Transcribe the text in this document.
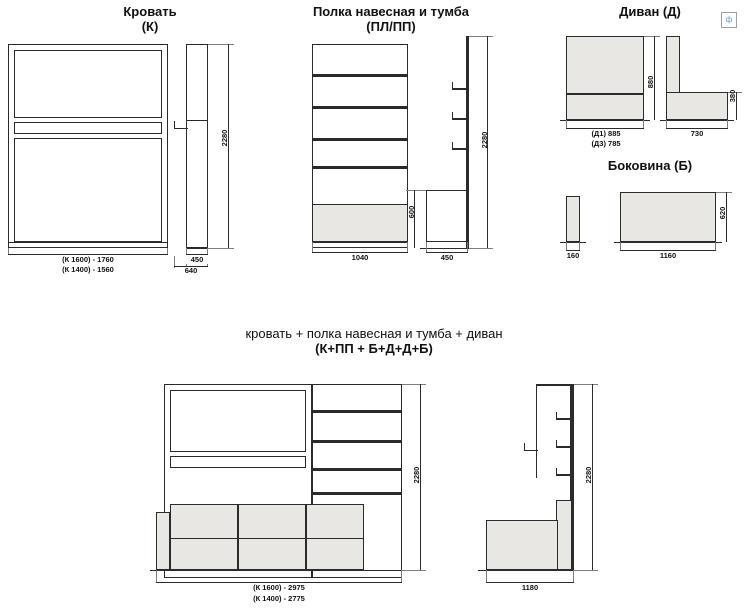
ф
Кровать
(К)
(К 1600) - 1760
(К 1400) - 1560
2280
450
640
Полка навесная и тумба
(ПЛ/ПП)
1040
2280
600
450
Диван (Д)
880
380
(Д1) 885
(Д3) 785
730
Боковина (Б)
160	1160
620
кровать + полка навесная и тумба + диван
(К+ПП + Б+Д+Д+Б)
(К 1600) - 2975
(К 1400) - 2775
2280
1180
2280
